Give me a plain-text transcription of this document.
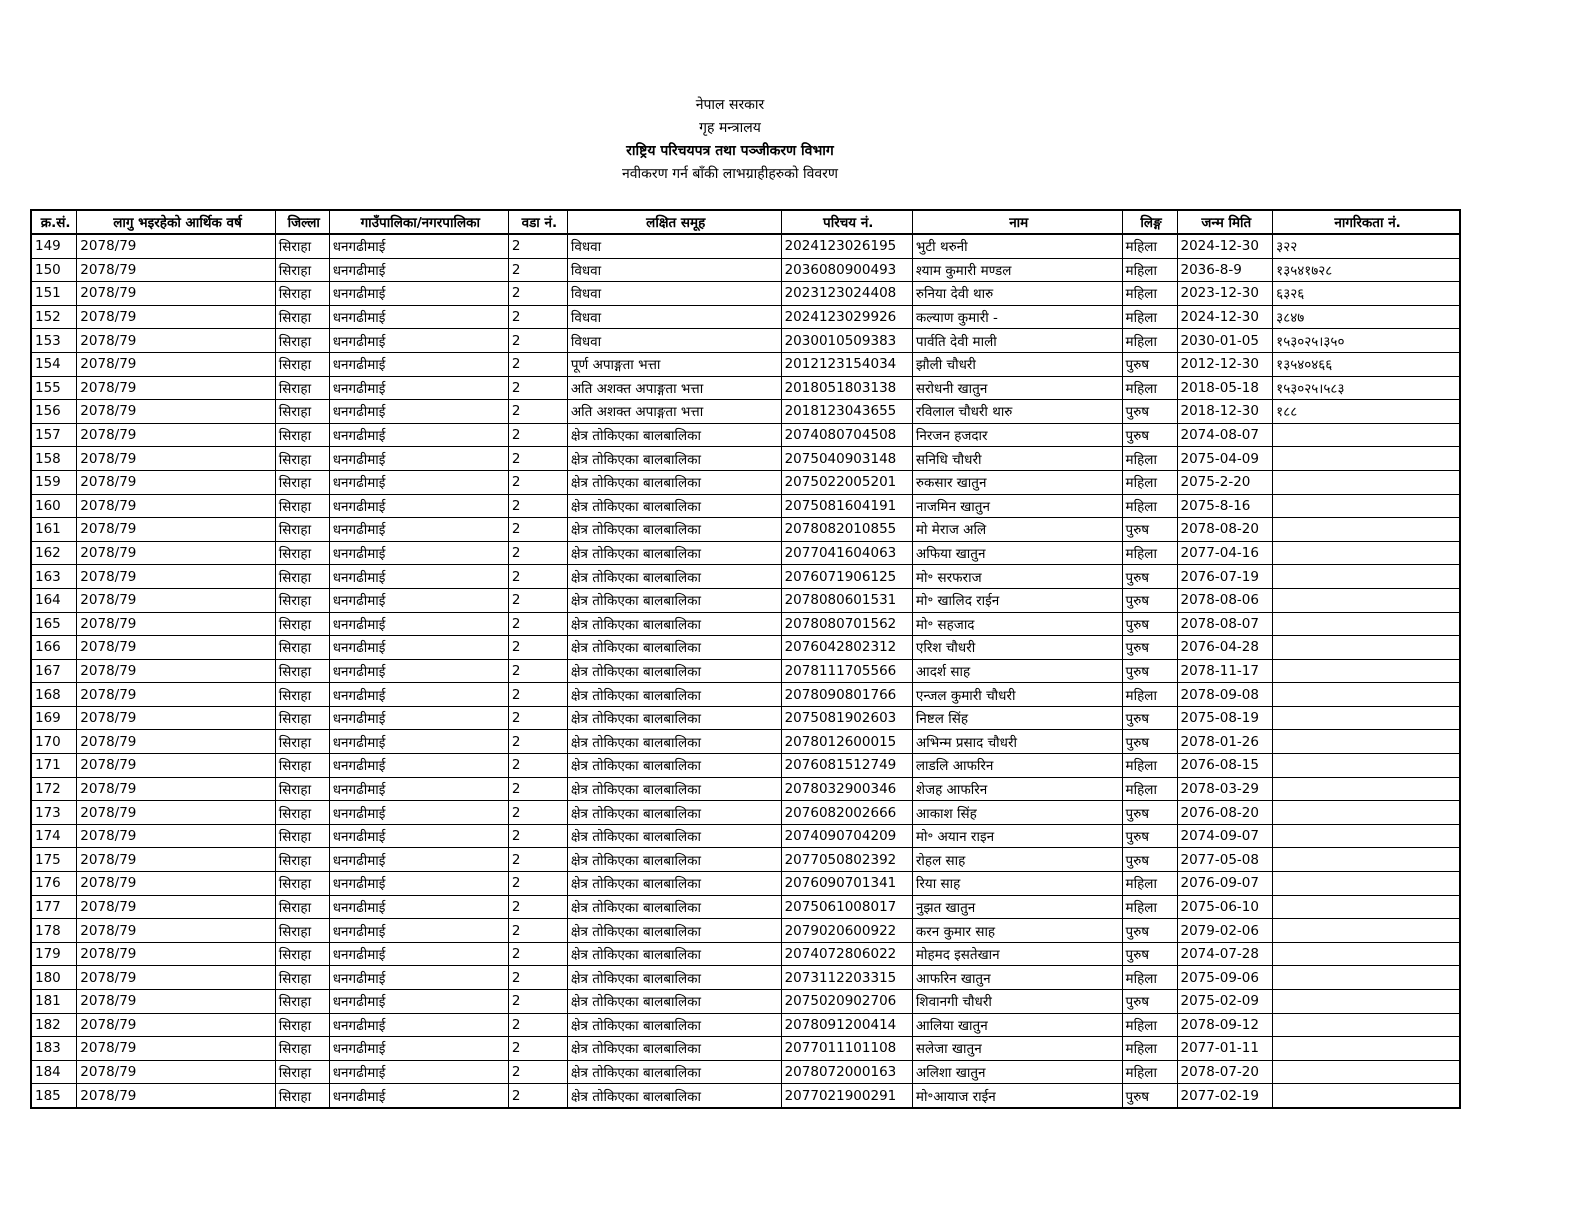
नेपाल सरकार
गृह मन्त्रालय
राष्ट्रिय परिचयपत्र तथा पञ्जीकरण विभाग
नवीकरण गर्न बाँकी लाभग्राहीहरुको विवरण
क्र.सं.	लागु भइरहेको आर्थिक वर्ष	जिल्ला	गाउँपालिका/नगरपालिका	वडा नं.	लक्षित समूह	परिचय नं.	नाम	लिङ्ग	जन्म मिति	नागरिकता नं.
149	2078/79	सिराहा	धनगढीमाई	2	विधवा	2024123026195	भुटी थरुनी	महिला	2024-12-30	३२२
150	2078/79	सिराहा	धनगढीमाई	2	विधवा	2036080900493	श्याम कुमारी मण्डल	महिला	2036-8-9	१३५४१७२८
151	2078/79	सिराहा	धनगढीमाई	2	विधवा	2023123024408	रुनिया देवी थारु	महिला	2023-12-30	६३२६
152	2078/79	सिराहा	धनगढीमाई	2	विधवा	2024123029926	कल्याण कुमारी -	महिला	2024-12-30	३८४७
153	2078/79	सिराहा	धनगढीमाई	2	विधवा	2030010509383	पार्वति देवी माली	महिला	2030-01-05	१५३०२५।३५०
154	2078/79	सिराहा	धनगढीमाई	2	पूर्ण अपाङ्गता भत्ता	2012123154034	झौली चौधरी	पुरुष	2012-12-30	१३५४०४६६
155	2078/79	सिराहा	धनगढीमाई	2	अति अशक्त अपाङ्गता भत्ता	2018051803138	सरोधनी खातुन	महिला	2018-05-18	१५३०२५।५८३
156	2078/79	सिराहा	धनगढीमाई	2	अति अशक्त अपाङ्गता भत्ता	2018123043655	रविलाल चाैधरी थारु	पुरुष	2018-12-30	१८८
157	2078/79	सिराहा	धनगढीमाई	2	क्षेत्र तोकिएका बालबालिका	2074080704508	निरजन हजदार	पुरुष	2074-08-07	
158	2078/79	सिराहा	धनगढीमाई	2	क्षेत्र तोकिएका बालबालिका	2075040903148	सनिधि चौधरी	महिला	2075-04-09	
159	2078/79	सिराहा	धनगढीमाई	2	क्षेत्र तोकिएका बालबालिका	2075022005201	रुकसार खातुन	महिला	2075-2-20	
160	2078/79	सिराहा	धनगढीमाई	2	क्षेत्र तोकिएका बालबालिका	2075081604191	नाजमिन खातुन	महिला	2075-8-16	
161	2078/79	सिराहा	धनगढीमाई	2	क्षेत्र तोकिएका बालबालिका	2078082010855	मो मेराज अलि	पुरुष	2078-08-20	
162	2078/79	सिराहा	धनगढीमाई	2	क्षेत्र तोकिएका बालबालिका	2077041604063	अफिया खातुन	महिला	2077-04-16	
163	2078/79	सिराहा	धनगढीमाई	2	क्षेत्र तोकिएका बालबालिका	2076071906125	मो॰ सरफराज	पुरुष	2076-07-19	
164	2078/79	सिराहा	धनगढीमाई	2	क्षेत्र तोकिएका बालबालिका	2078080601531	मो॰ खालिद राईन	पुरुष	2078-08-06	
165	2078/79	सिराहा	धनगढीमाई	2	क्षेत्र तोकिएका बालबालिका	2078080701562	मो॰ सहजाद	पुरुष	2078-08-07	
166	2078/79	सिराहा	धनगढीमाई	2	क्षेत्र तोकिएका बालबालिका	2076042802312	एरिश चौधरी	पुरुष	2076-04-28	
167	2078/79	सिराहा	धनगढीमाई	2	क्षेत्र तोकिएका बालबालिका	2078111705566	आदर्श साह	पुरुष	2078-11-17	
168	2078/79	सिराहा	धनगढीमाई	2	क्षेत्र तोकिएका बालबालिका	2078090801766	एन्जल कुमारी चौधरी	महिला	2078-09-08	
169	2078/79	सिराहा	धनगढीमाई	2	क्षेत्र तोकिएका बालबालिका	2075081902603	निष्टल सिंह	पुरुष	2075-08-19	
170	2078/79	सिराहा	धनगढीमाई	2	क्षेत्र तोकिएका बालबालिका	2078012600015	अभिन्म प्रसाद चौधरी	पुरुष	2078-01-26	
171	2078/79	सिराहा	धनगढीमाई	2	क्षेत्र तोकिएका बालबालिका	2076081512749	लाडलि आफरिन	महिला	2076-08-15	
172	2078/79	सिराहा	धनगढीमाई	2	क्षेत्र तोकिएका बालबालिका	2078032900346	शेजह आफरिन	महिला	2078-03-29	
173	2078/79	सिराहा	धनगढीमाई	2	क्षेत्र तोकिएका बालबालिका	2076082002666	आकाश सिंह	पुरुष	2076-08-20	
174	2078/79	सिराहा	धनगढीमाई	2	क्षेत्र तोकिएका बालबालिका	2074090704209	मो॰ अयान राइन	पुरुष	2074-09-07	
175	2078/79	सिराहा	धनगढीमाई	2	क्षेत्र तोकिएका बालबालिका	2077050802392	रोहल साह	पुरुष	2077-05-08	
176	2078/79	सिराहा	धनगढीमाई	2	क्षेत्र तोकिएका बालबालिका	2076090701341	रिया साह	महिला	2076-09-07	
177	2078/79	सिराहा	धनगढीमाई	2	क्षेत्र तोकिएका बालबालिका	2075061008017	नुझत खातुन	महिला	2075-06-10	
178	2078/79	सिराहा	धनगढीमाई	2	क्षेत्र तोकिएका बालबालिका	2079020600922	करन कुमार साह	पुरुष	2079-02-06	
179	2078/79	सिराहा	धनगढीमाई	2	क्षेत्र तोकिएका बालबालिका	2074072806022	मोहमद इसतेखान	पुरुष	2074-07-28	
180	2078/79	सिराहा	धनगढीमाई	2	क्षेत्र तोकिएका बालबालिका	2073112203315	आफरिन खातुन	महिला	2075-09-06	
181	2078/79	सिराहा	धनगढीमाई	2	क्षेत्र तोकिएका बालबालिका	2075020902706	शिवानगी चौधरी	पुरुष	2075-02-09	
182	2078/79	सिराहा	धनगढीमाई	2	क्षेत्र तोकिएका बालबालिका	2078091200414	आलिया खातुन	महिला	2078-09-12	
183	2078/79	सिराहा	धनगढीमाई	2	क्षेत्र तोकिएका बालबालिका	2077011101108	सलेजा खातुन	महिला	2077-01-11	
184	2078/79	सिराहा	धनगढीमाई	2	क्षेत्र तोकिएका बालबालिका	2078072000163	अलिशा खातुन	महिला	2078-07-20	
185	2078/79	सिराहा	धनगढीमाई	2	क्षेत्र तोकिएका बालबालिका	2077021900291	मो॰आयाज राईन	पुरुष	2077-02-19	
